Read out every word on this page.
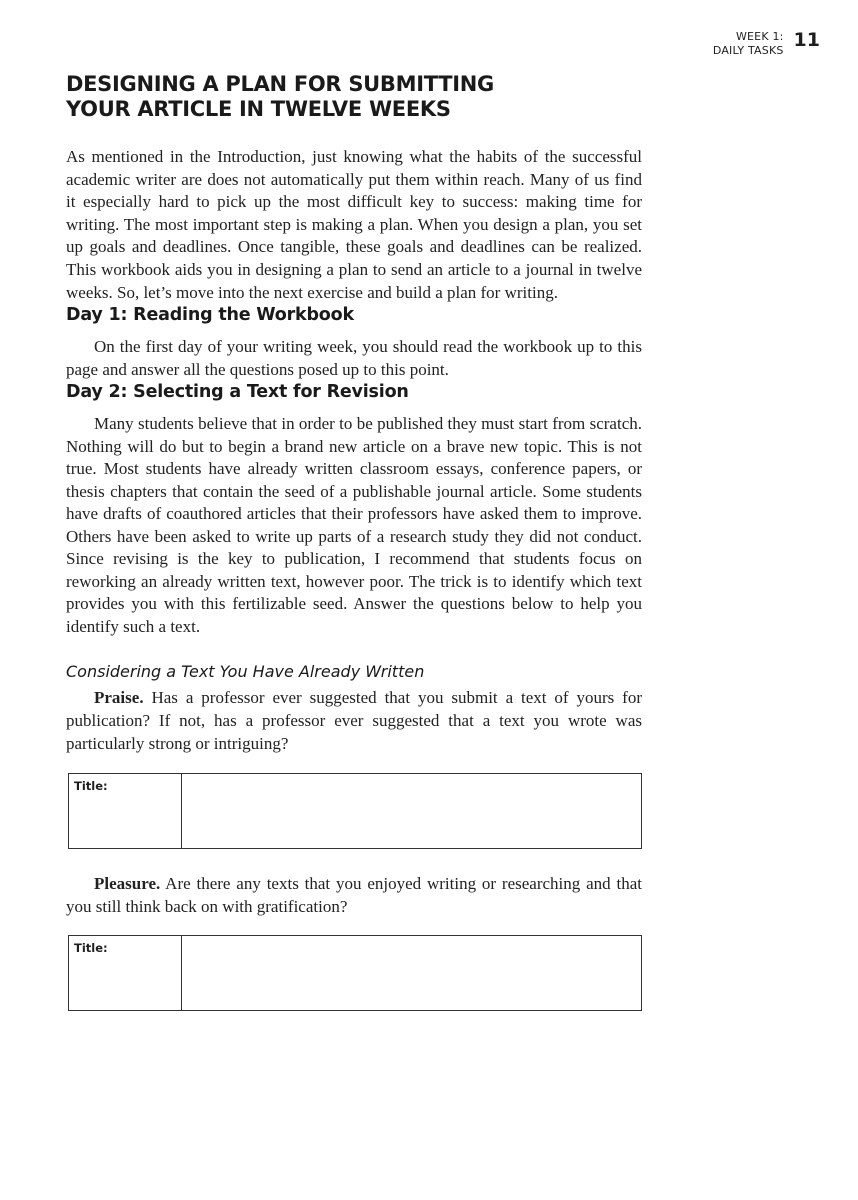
WEEK 1:
DAILY TASKS 11
DESIGNING A PLAN FOR SUBMITTING
YOUR ARTICLE IN TWELVE WEEKS

As mentioned in the Introduction, just knowing what the habits of the successful academic writer are does not automatically put them within reach. Many of us find it especially hard to pick up the most difficult key to success: making time for writing. The most important step is making a plan. When you design a plan, you set up goals and deadlines. Once tangible, these goals and deadlines can be realized. This workbook aids you in designing a plan to send an article to a journal in twelve weeks. So, let’s move into the next exercise and build a plan for writing.

Day 1: Reading the Workbook

On the first day of your writing week, you should read the workbook up to this page and answer all the questions posed up to this point.

Day 2: Selecting a Text for Revision

Many students believe that in order to be published they must start from scratch. Nothing will do but to begin a brand new article on a brave new topic. This is not true. Most students have already written classroom essays, conference papers, or thesis chapters that contain the seed of a publishable journal article. Some students have drafts of coauthored articles that their professors have asked them to improve. Others have been asked to write up parts of a research study they did not conduct. Since revising is the key to publication, I recommend that students focus on reworking an already written text, however poor. The trick is to identify which text provides you with this fertilizable seed. Answer the questions below to help you identify such a text.

Considering a Text You Have Already Written

Praise. Has a professor ever suggested that you submit a text of yours for publication? If not, has a professor ever suggested that a text you wrote was particularly strong or intriguing?

Title:

Pleasure. Are there any texts that you enjoyed writing or researching and that you still think back on with gratification?

Title:
